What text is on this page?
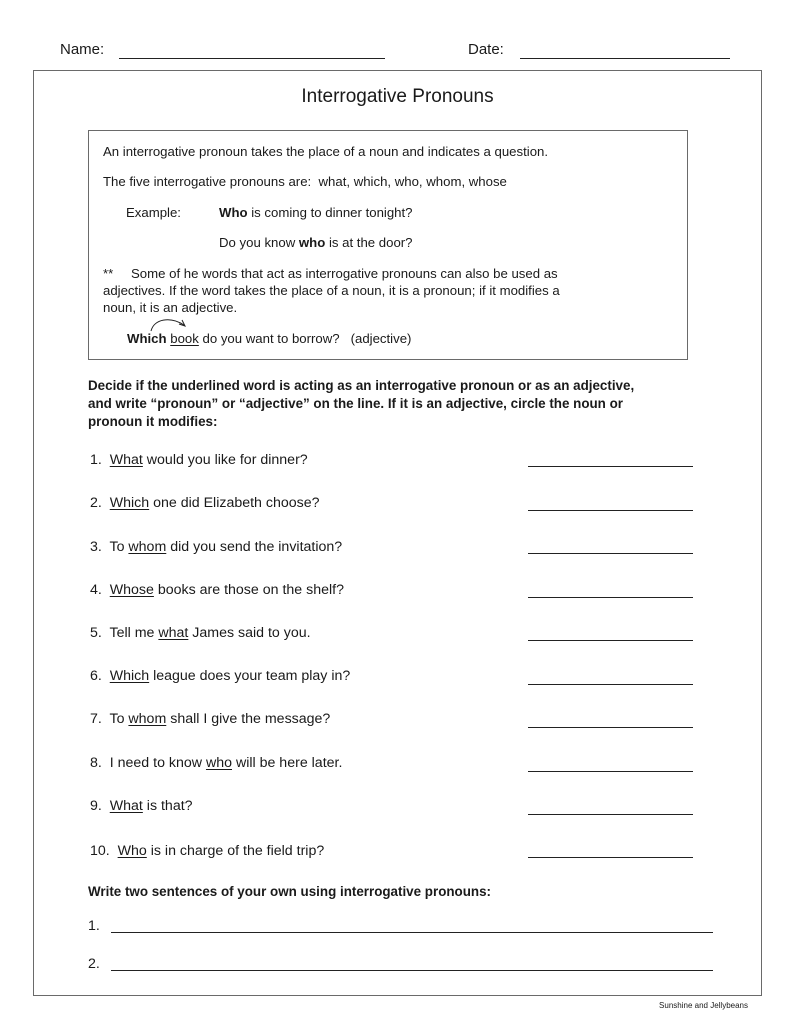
Name:	Date:
Interrogative Pronouns
An interrogative pronoun takes the place of a noun and indicates a question.
The five interrogative pronouns are: what, which, who, whom, whose
Example:	Who is coming to dinner tonight?
Do you know who is at the door?
** Some of he words that act as interrogative pronouns can also be used as
adjectives. If the word takes the place of a noun, it is a pronoun; if it modifies a
noun, it is an adjective.
Which book do you want to borrow? (adjective)
Decide if the underlined word is acting as an interrogative pronoun or as an adjective,
and write “pronoun” or “adjective” on the line. If it is an adjective, circle the noun or
pronoun it modifies:
1. What would you like for dinner?
2. Which one did Elizabeth choose?
3. To whom did you send the invitation?
4. Whose books are those on the shelf?
5. Tell me what James said to you.
6. Which league does your team play in?
7. To whom shall I give the message?
8. I need to know who will be here later.
9. What is that?
10. Who is in charge of the field trip?
Write two sentences of your own using interrogative pronouns:
1.
2.
Sunshine and Jellybeans
